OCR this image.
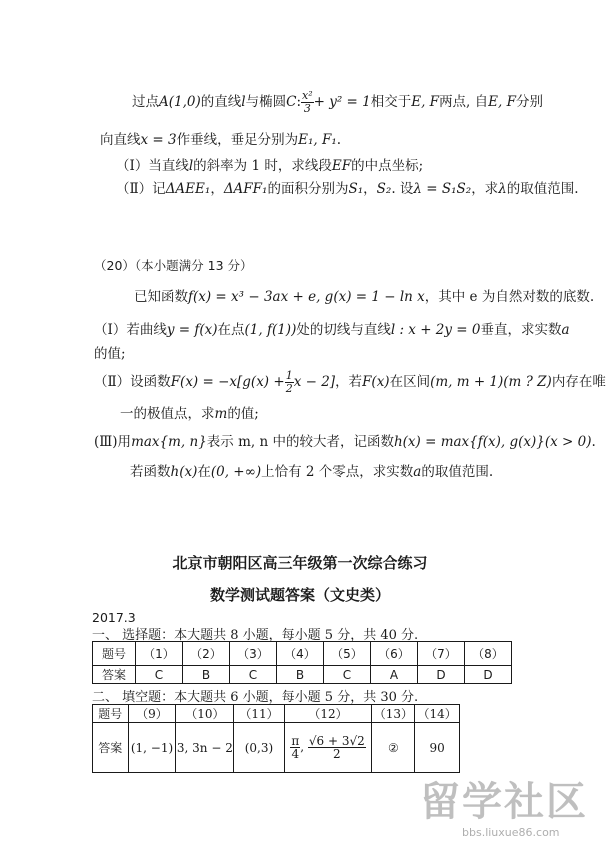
过点A(1,0)的直线l与椭圆C: $\frac{\text{x²}}{3} + y^2 = 1$相交于E, F两点, 自E, F分别
向直线x = 3作垂线，垂足分别为E₁, F₁.
（Ⅰ）当直线l的斜率为 1 时，求线段EF的中点坐标;
（Ⅱ）记ΔAEE₁，ΔAFF₁的面积分别为S₁，S₂. 设λ = S₁S₂，求λ的取值范围.
（20）（本小题满分 13 分）
已知函数f(x) = x³ − 3ax + e, g(x) = 1 − ln x，其中 e 为自然对数的底数.
（Ⅰ）若曲线y = f(x)在点(1, f(1))处的切线与直线l : x + 2y = 0垂直，求实数a
的值;
（Ⅱ）设函数$F(x) = -x[g(x) + \frac{1}{2}$ x − 2]，若F(x)在区间(m, m + 1)(m ? Z)内存在唯
一的极值点，求m的值;
(Ⅲ)用max{m, n}表示 m, n 中的较大者，记函数h(x) = max{f(x), g(x)}(x > 0).
若函数h(x)在(0, +∞)上恰有 2 个零点，求实数a的取值范围.
北京市朝阳区高三年级第一次综合练习
数学测试题答案（文史类）
2017.3
一、 选择题：本大题共 8 小题，每小题 5 分，共 40 分.
题号	（1）	（2）	（3）	（4）	（5）	（6）	（7）	（8）
答案	C	B	C	B	C	A	D	D
二、 填空题：本大题共 6 小题，每小题 5 分，共 30 分.
题号	（9）	（10）	（11）	（12）	（13）	（14）
答案	(1, −1)	3, 3n − 2	(0,3)	$\frac{\pi}{4}$ , $\frac{√6 + 3√2}{2}$	②	90
留学社区
bbs.liuxue86.com
